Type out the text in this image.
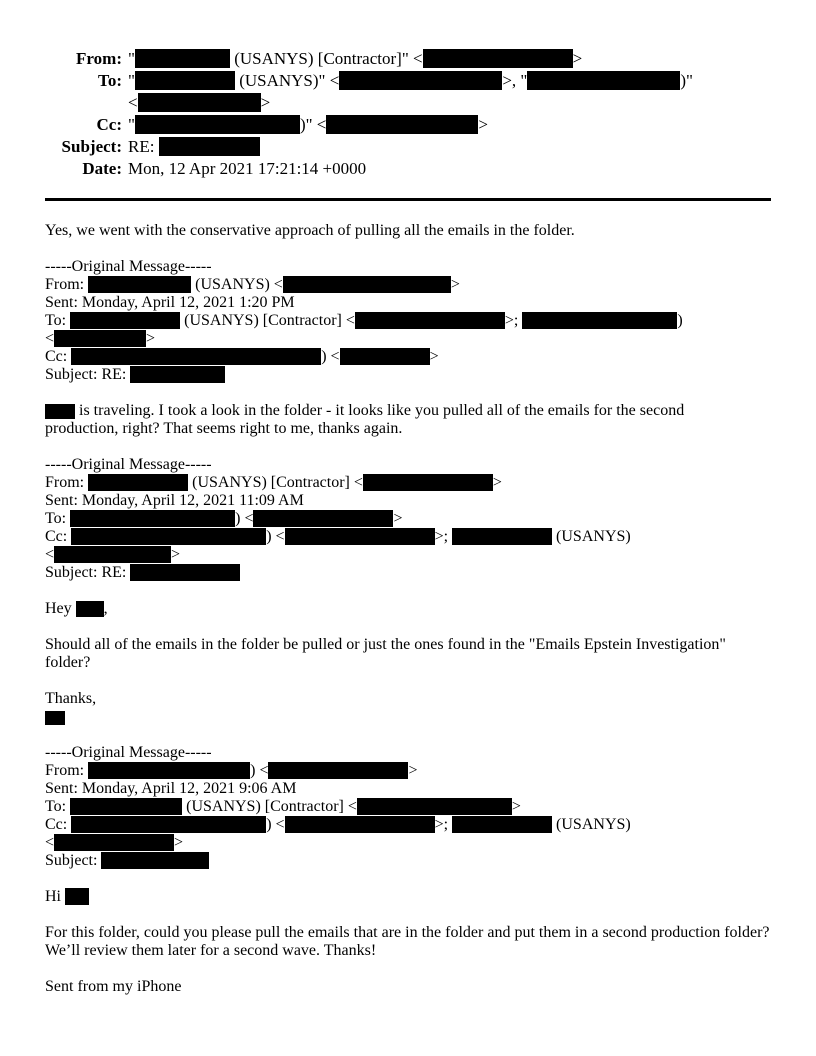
From: "	(USANYS) [Contractor]" <	>
To: "	(USANYS)" <	>, "	)"
<	>
Cc: "	)" <	>
Subject: RE:
Date: Mon, 12 Apr 2021 17:21:14 +0000
Yes, we went with the conservative approach of pulling all the emails in the folder.
-----Original Message-----
From:	(USANYS) <	>
Sent: Monday, April 12, 2021 1:20 PM
To:	(USANYS) [Contractor] <	>;	)
<	>
Cc:	) <	>
Subject: RE:
is traveling. I took a look in the folder - it looks like you pulled all of the emails for the second
production, right? That seems right to me, thanks again.
-----Original Message-----
From:	(USANYS) [Contractor] <	>
Sent: Monday, April 12, 2021 11:09 AM
To:	) <	>
Cc:	) <	>;	(USANYS)
<	>
Subject: RE:
Hey ,
Should all of the emails in the folder be pulled or just the ones found in the "Emails Epstein Investigation"
folder?
Thanks,
-----Original Message-----
From:	) <	>
Sent: Monday, April 12, 2021 9:06 AM
To:	(USANYS) [Contractor] <	>
Cc:	) <	>;	(USANYS)
<	>
Subject:
Hi
For this folder, could you please pull the emails that are in the folder and put them in a second production folder?
We’ll review them later for a second wave. Thanks!
Sent from my iPhone
